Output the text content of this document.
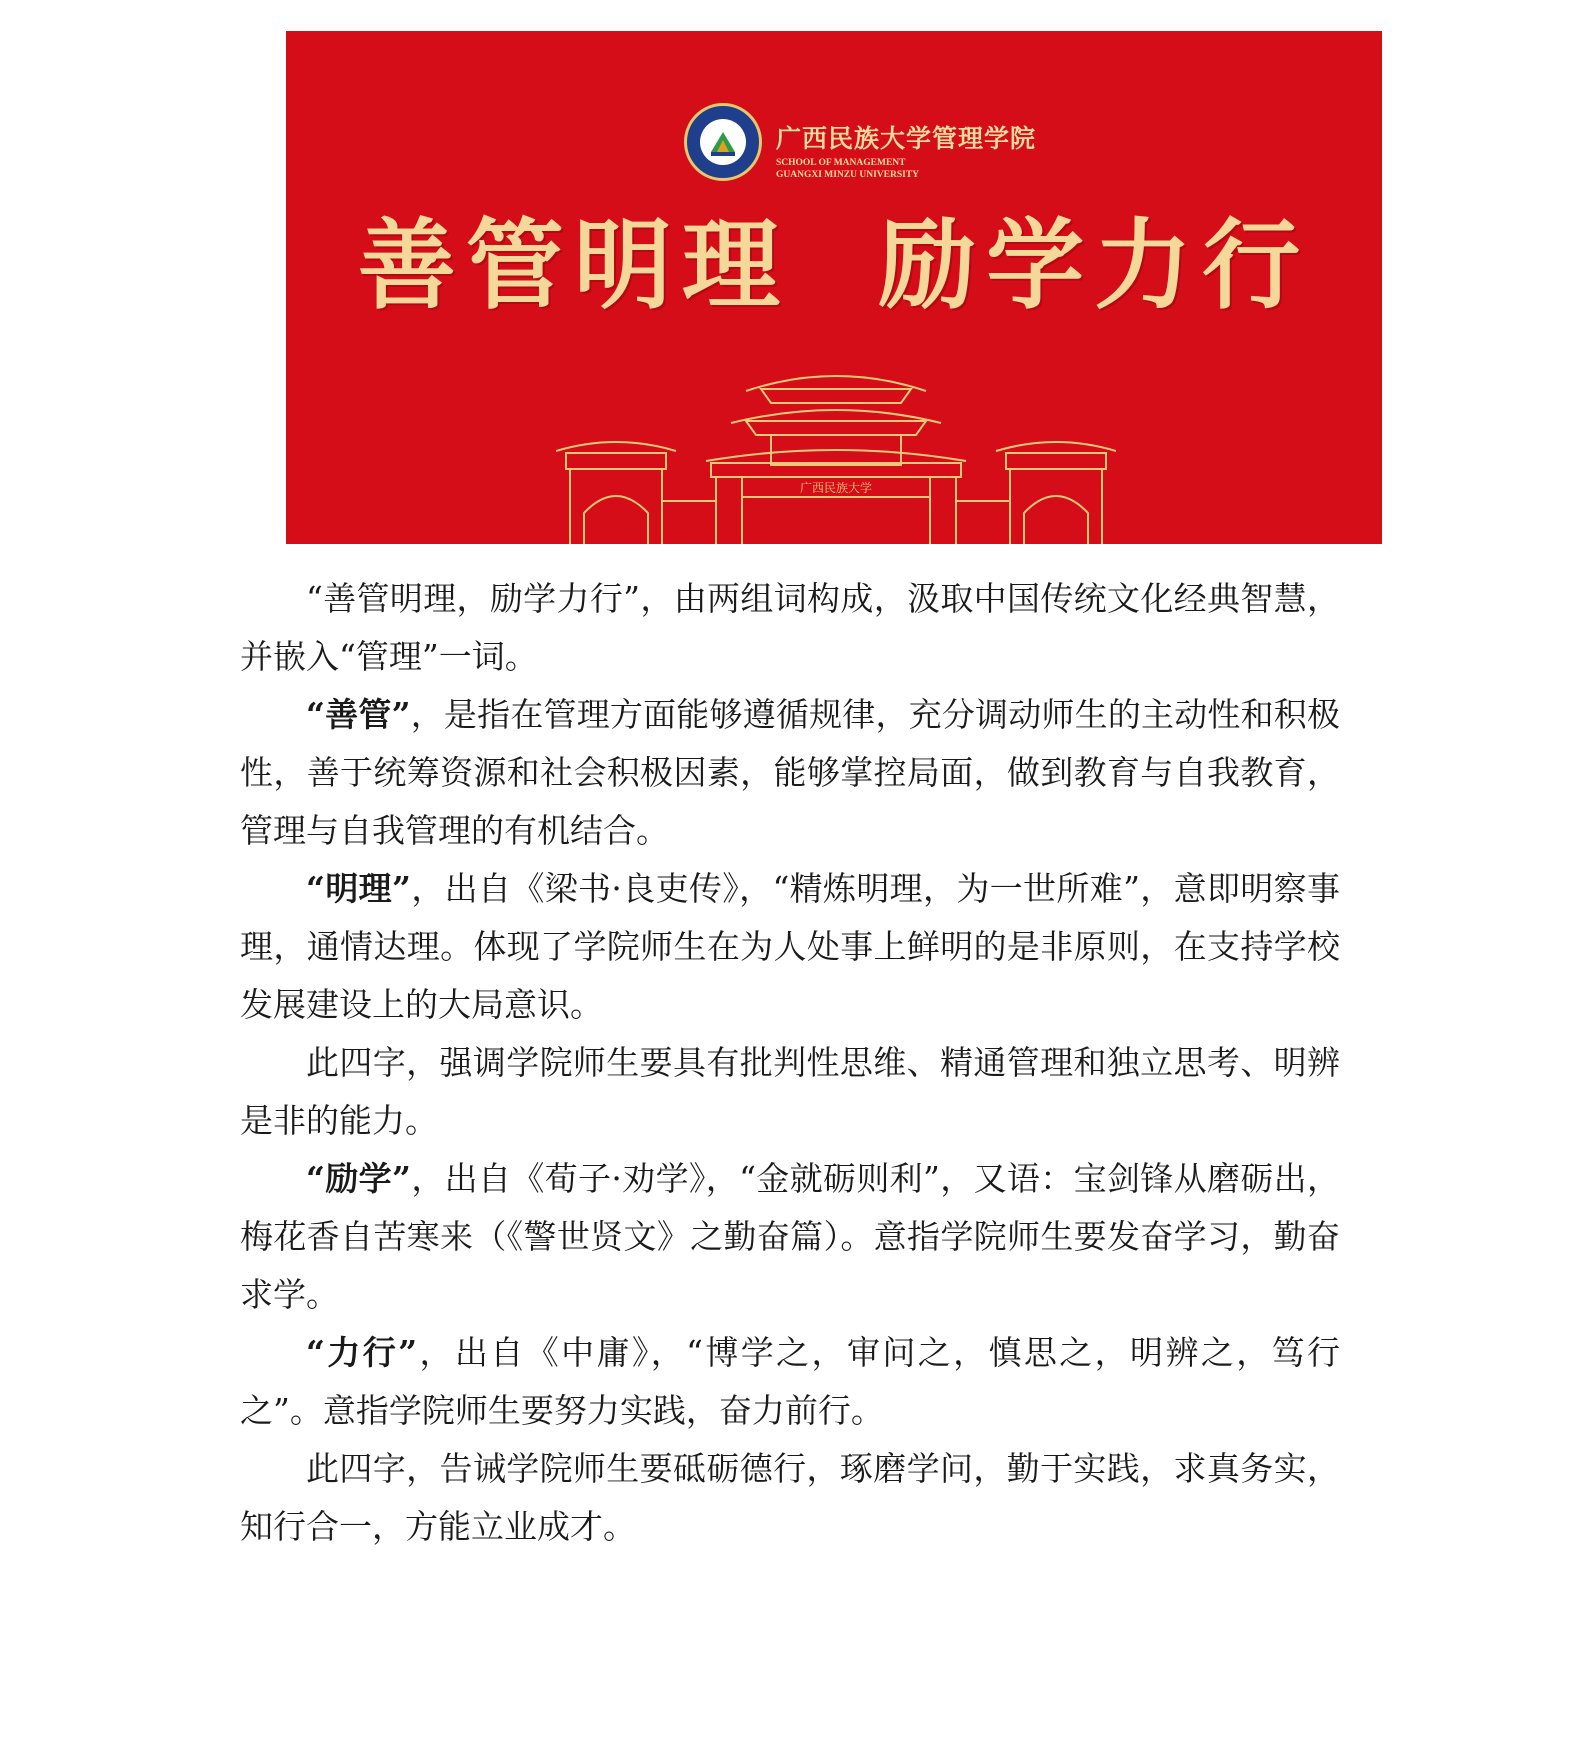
广西民族大学管理学院
SCHOOL OF MANAGEMENT
GUANGXI MINZU UNIVERSITY
善管明理  励学力行
广西民族大学

“善管明理，励学力行”，由两组词构成，汲取中国传统文化经典智慧，并嵌入“管理”一词。

“善管”，是指在管理方面能够遵循规律，充分调动师生的主动性和积极性，善于统筹资源和社会积极因素，能够掌控局面，做到教育与自我教育，管理与自我管理的有机结合。

“明理”，出自《梁书·良吏传》，“精炼明理，为一世所难”，意即明察事理，通情达理。体现了学院师生在为人处事上鲜明的是非原则，在支持学校发展建设上的大局意识。

此四字，强调学院师生要具有批判性思维、精通管理和独立思考、明辨是非的能力。

“励学”，出自《荀子·劝学》，“金就砺则利”，又语：宝剑锋从磨砺出，梅花香自苦寒来（《警世贤文》之勤奋篇）。意指学院师生要发奋学习，勤奋求学。

“力行”，出自《中庸》，“博学之，审问之，慎思之，明辨之，笃行之”。意指学院师生要努力实践，奋力前行。

此四字，告诫学院师生要砥砺德行，琢磨学问，勤于实践，求真务实，知行合一，方能立业成才。
